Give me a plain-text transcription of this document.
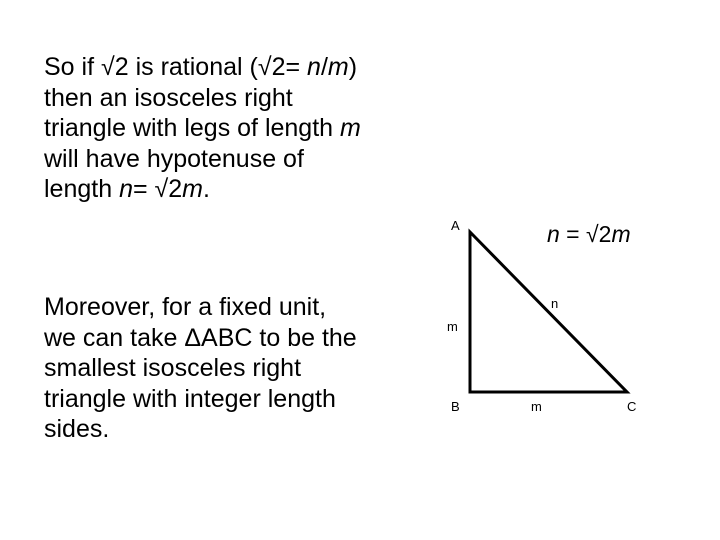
So if √2 is rational (√2= n/m)
then an isosceles right
triangle with legs of length m
will have hypotenuse of
length n= √2m.
Moreover, for a fixed unit,
we can take ΔABC to be the
smallest isosceles right
triangle with integer length
sides.
n = √2m
A
B	C
m
m
n
